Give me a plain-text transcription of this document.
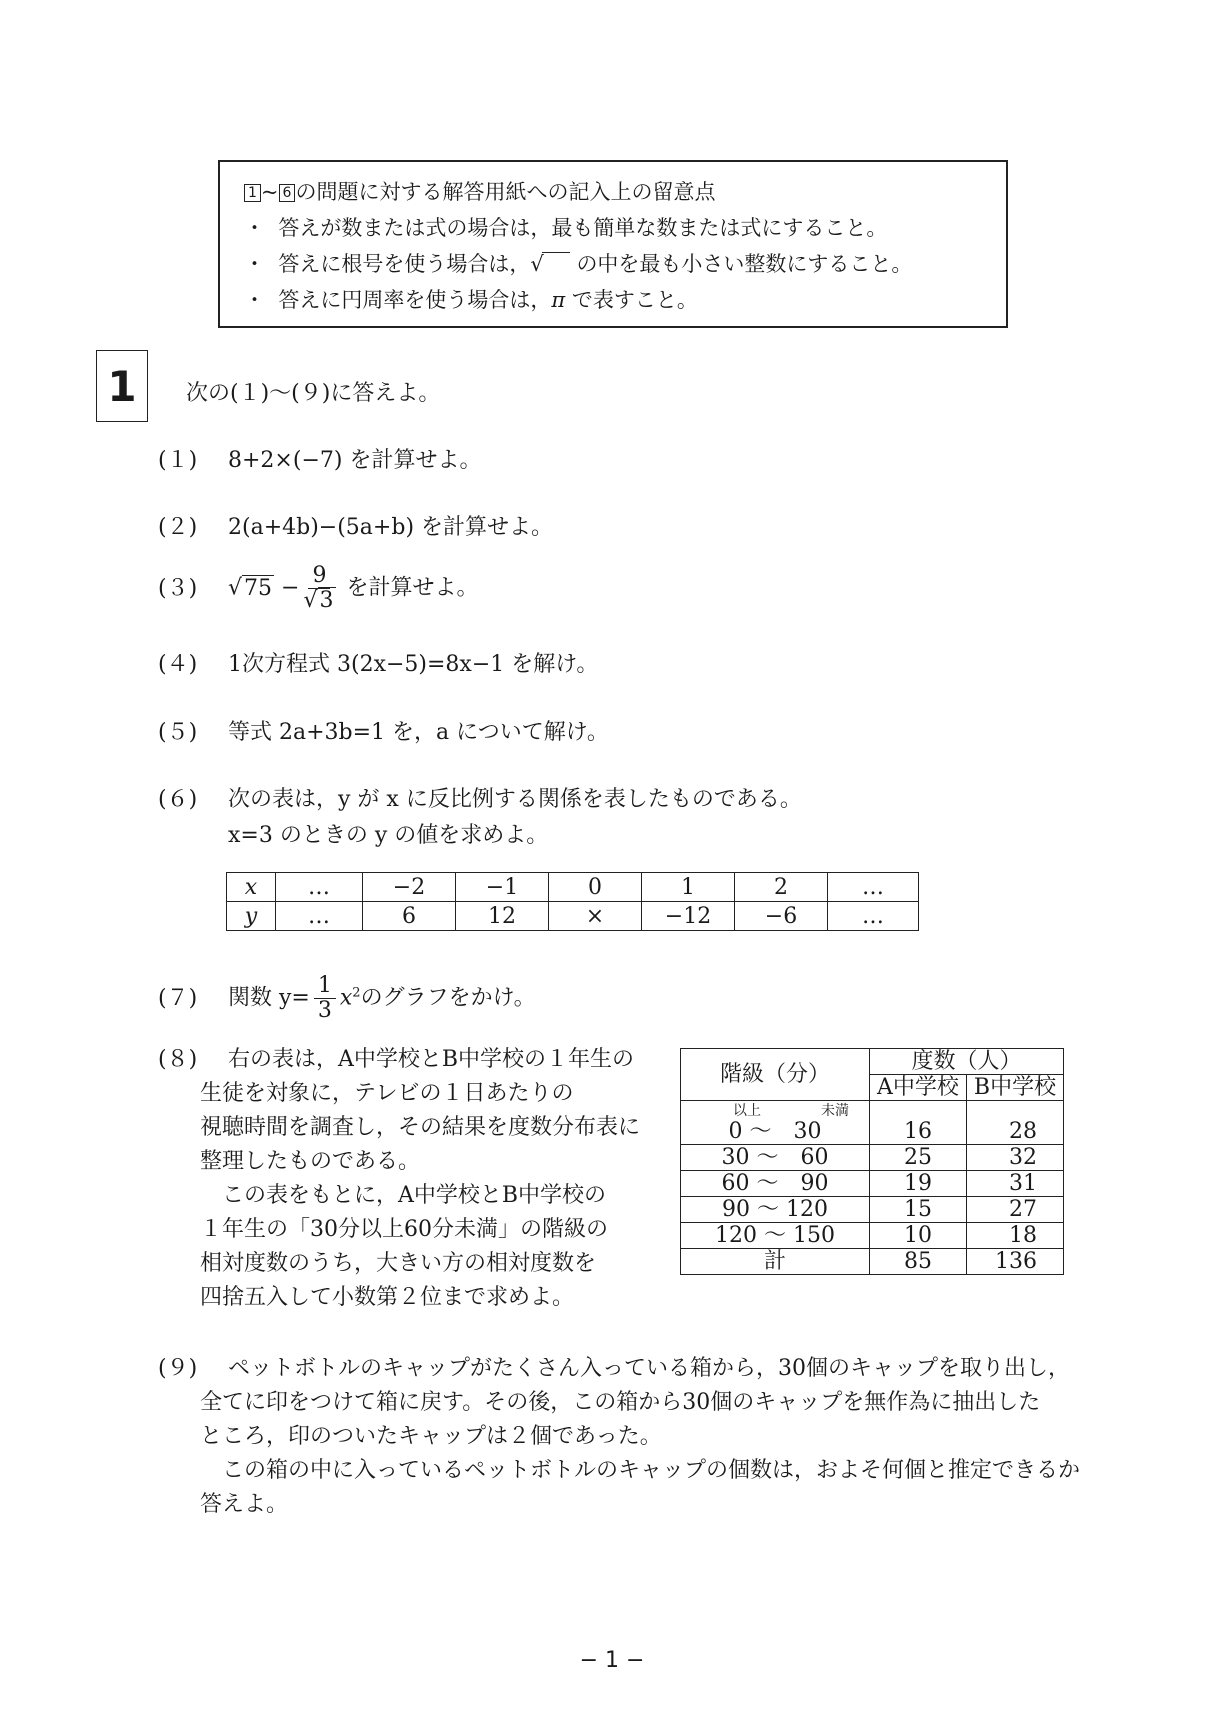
1 ~ 6 の問題に対する解答用紙への記入上の留意点
・ 答えが数または式の場合は，最も簡単な数または式にすること。
・ 答えに根号を使う場合は，√ の中を最も小さい整数にすること。
・ 答えに円周率を使う場合は，π で表すこと。
1	次の(１)～(９)に答えよ。
(１) 8+2×(−7) を計算せよ。
(２) 2(a+4b)−(5a+b) を計算せよ。
(３) $√75 - \frac{9}{√3}$ を計算せよ。
(４) 1次方程式 3(2x−5)=8x−1 を解け。
(５) 等式 2a+3b=1 を，a について解け。
(６) 次の表は，y が x に反比例する関係を表したものである。
x=3 のときの y の値を求めよ。
x	…	−2	−1	0	1	2	…
y	…	6	12	×	−12	−6	…
(７) 関数 $y= \frac{1}{3} x^2$のグラフをかけ。
(８) 右の表は，A中学校とB中学校の１年生の
生徒を対象に，テレビの１日あたりの
視聴時間を調査し，その結果を度数分布表に
整理したものである。
　この表をもとに，A中学校とB中学校の
１年生の「30分以上60分未満」の階級の
相対度数のうち，大きい方の相対度数を
四捨五入して小数第２位まで求めよ。
階級（分）	度数（人）	
	A中学校	B中学校
以上 未満		
0 ～　30	16	28
30 ～　60	25	32
60 ～　90	19	31
90 ～ 120	15	27
120 ～ 150	10	18
計	85	136
(９) ペットボトルのキャップがたくさん入っている箱から，30個のキャップを取り出し，
全てに印をつけて箱に戻す。その後，この箱から30個のキャップを無作為に抽出した
ところ，印のついたキャップは２個であった。
　この箱の中に入っているペットボトルのキャップの個数は，およそ何個と推定できるか
答えよ。
− 1 −
